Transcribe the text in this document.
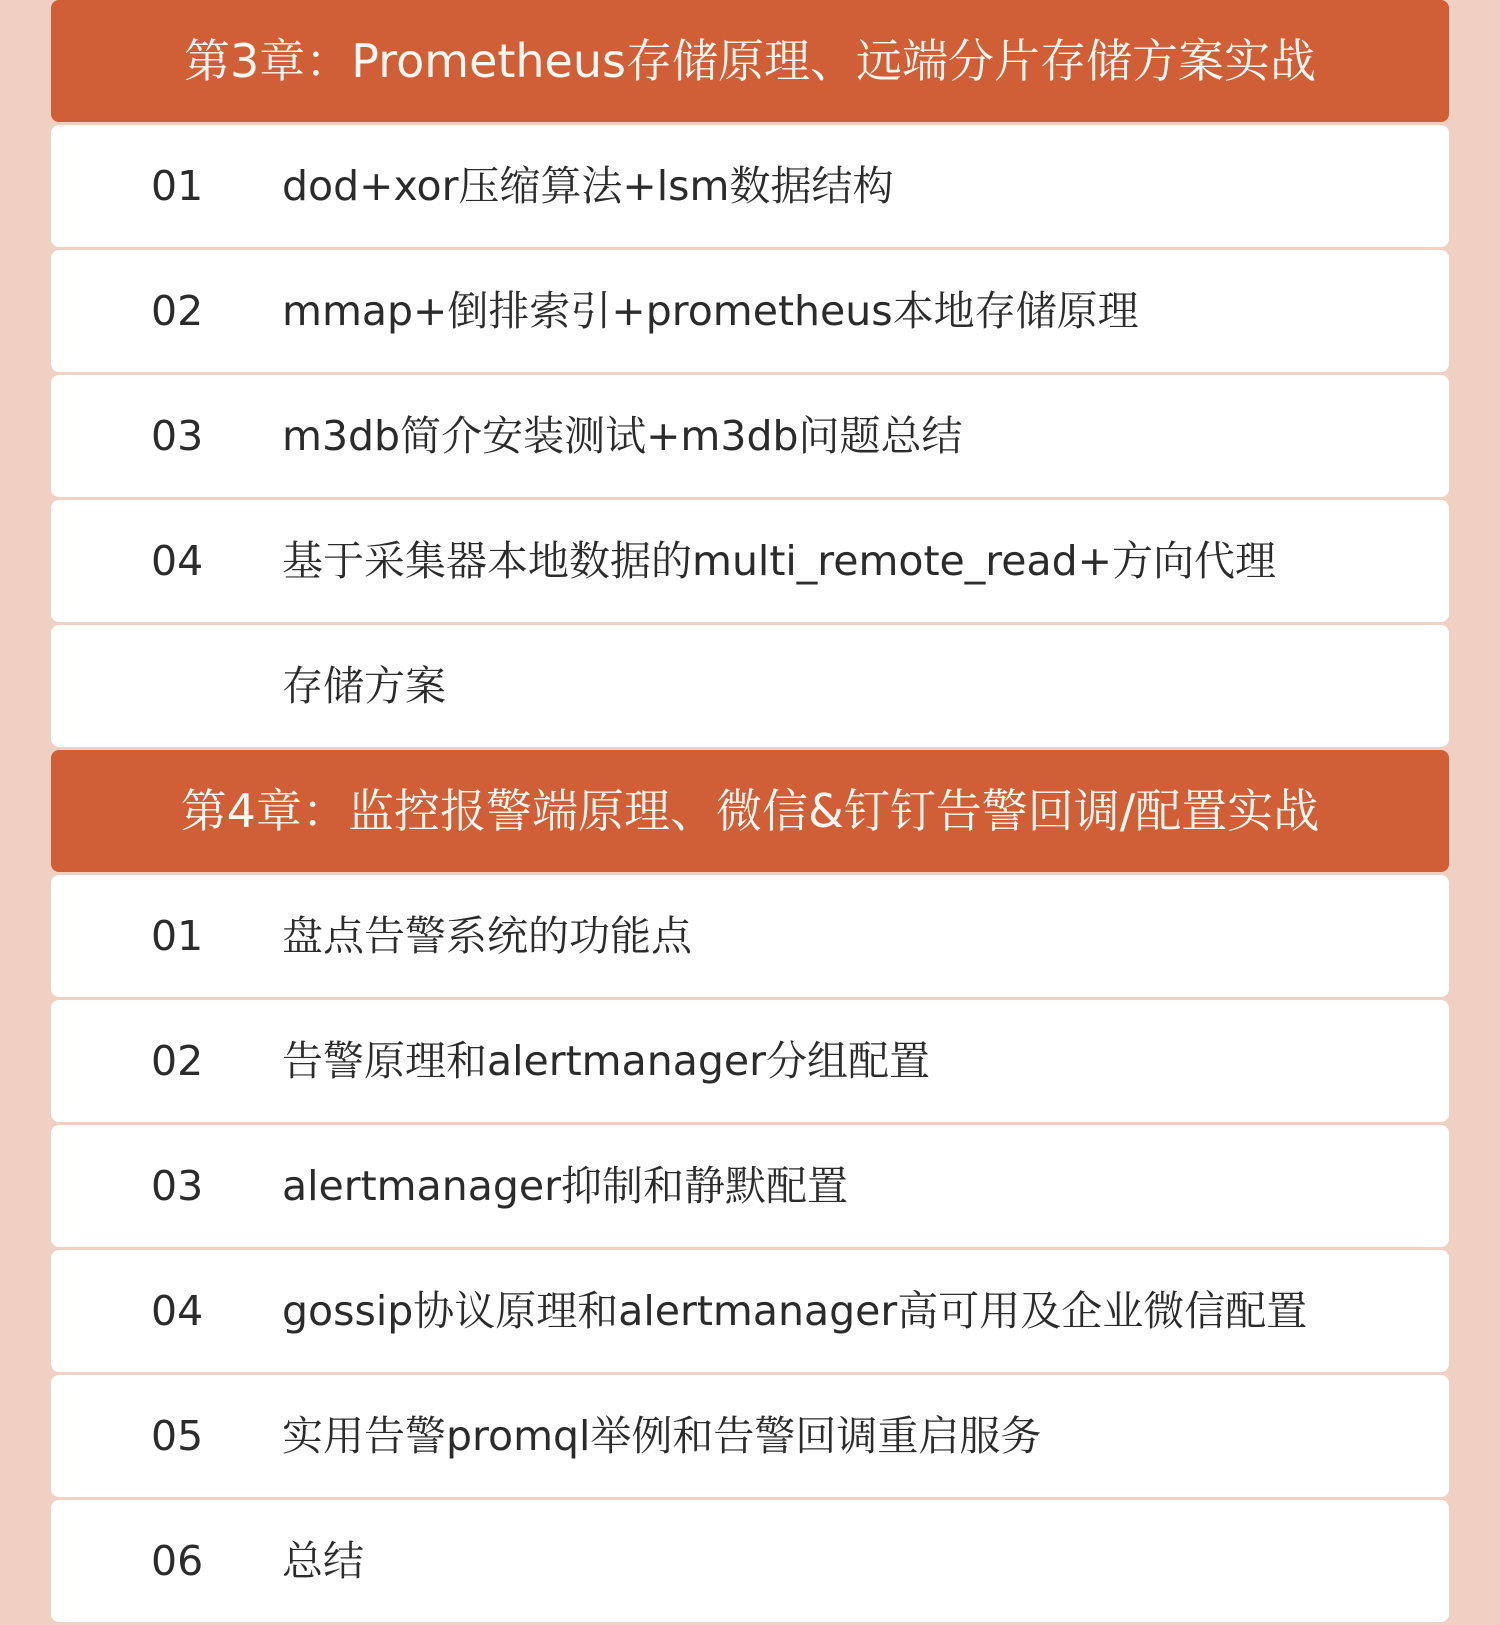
第3章：Prometheus存储原理、远端分片存储方案实战
01	dod+xor压缩算法+lsm数据结构
02	mmap+倒排索引+prometheus本地存储原理
03	m3db简介安装测试+m3db问题总结
04	基于采集器本地数据的multi_remote_read+方向代理
存储方案
第4章：监控报警端原理、微信&钉钉告警回调/配置实战
01	盘点告警系统的功能点
02	告警原理和alertmanager分组配置
03	alertmanager抑制和静默配置
04	gossip协议原理和alertmanager高可用及企业微信配置
05	实用告警promql举例和告警回调重启服务
06	总结
